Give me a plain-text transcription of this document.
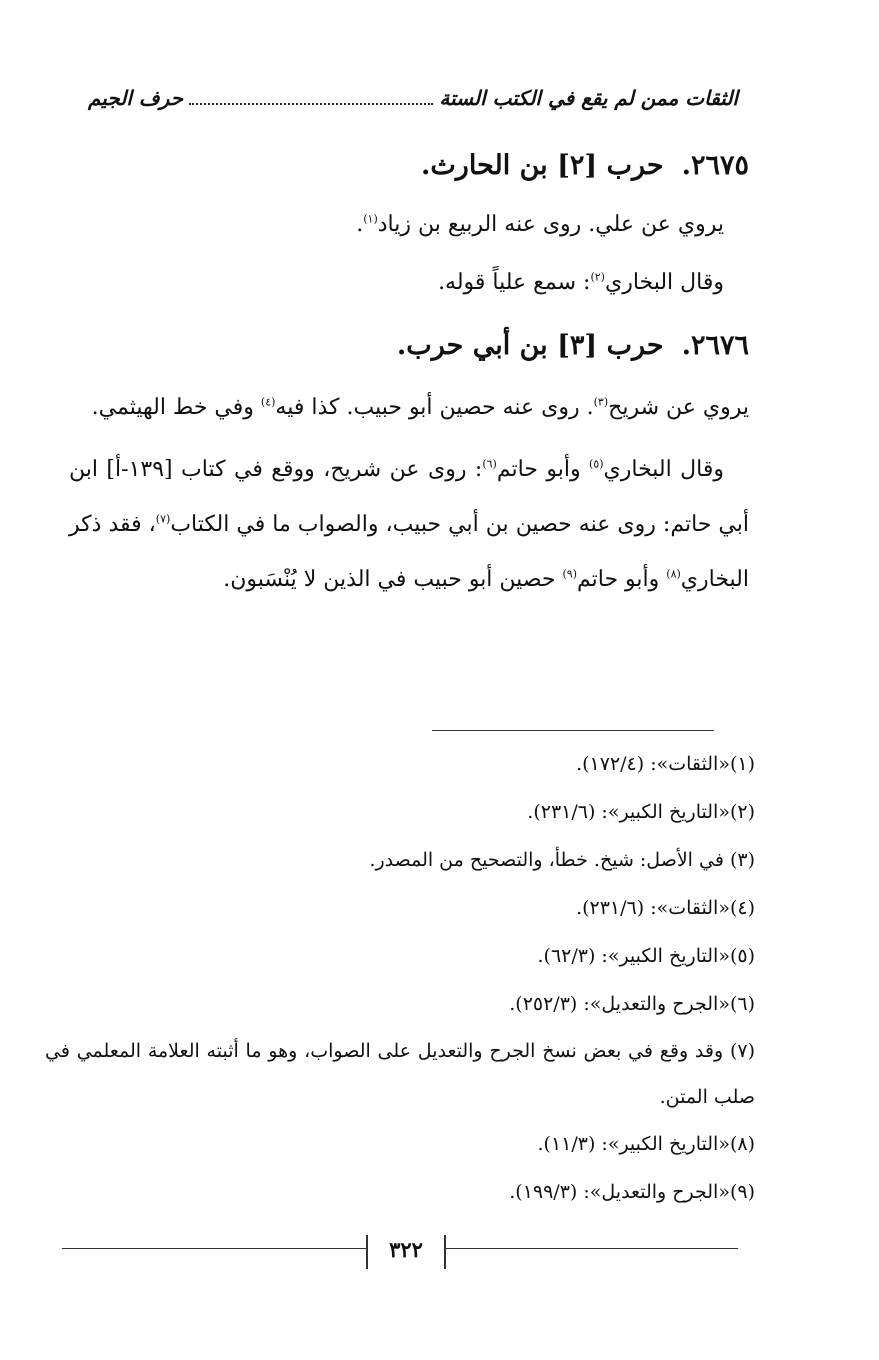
حرف الجيم	الثقات ممن لم يقع في الكتب الستة
٢٦٧٥.حرب [٢] بن الحارث.
يروي عن علي. روى عنه الربيع بن زياد$^{(١)}$.
وقال البخاري$^{(٢)}$: سمع علياً قوله.
٢٦٧٦.حرب [٣] بن أبي حرب.
يروي عن شريح$^{(٣)}$. روى عنه حصين أبو حبيب. كذا فيه$^{(٤)}$ وفي خط الهيثمي.
وقال البخاري$^{(٥)}$ وأبو حاتم$^{(٦)}$: روى عن شريح، ووقع في كتاب [١٣٩-أ] ابن أبي حاتم: روى عنه حصين بن أبي حبيب، والصواب ما في الكتاب$^{(٧)}$، فقد ذكر البخاري$^{(٨)}$ وأبو حاتم$^{(٩)}$ حصين أبو حبيب في الذين لا يُنْسَبون.
(١)«الثقات»: (١٧٢/٤).
(٢)«التاريخ الكبير»: (٢٣١/٦).
(٣) في الأصل: شيخ. خطأ، والتصحيح من المصدر.
(٤)«الثقات»: (٢٣١/٦).
(٥)«التاريخ الكبير»: (٦٢/٣).
(٦)«الجرح والتعديل»: (٢٥٢/٣).
(٧) وقد وقع في بعض نسخ الجرح والتعديل على الصواب، وهو ما أثبته العلامة المعلمي في صلب المتن.
(٨)«التاريخ الكبير»: (١١/٣).
(٩)«الجرح والتعديل»: (١٩٩/٣).
٣٢٢
